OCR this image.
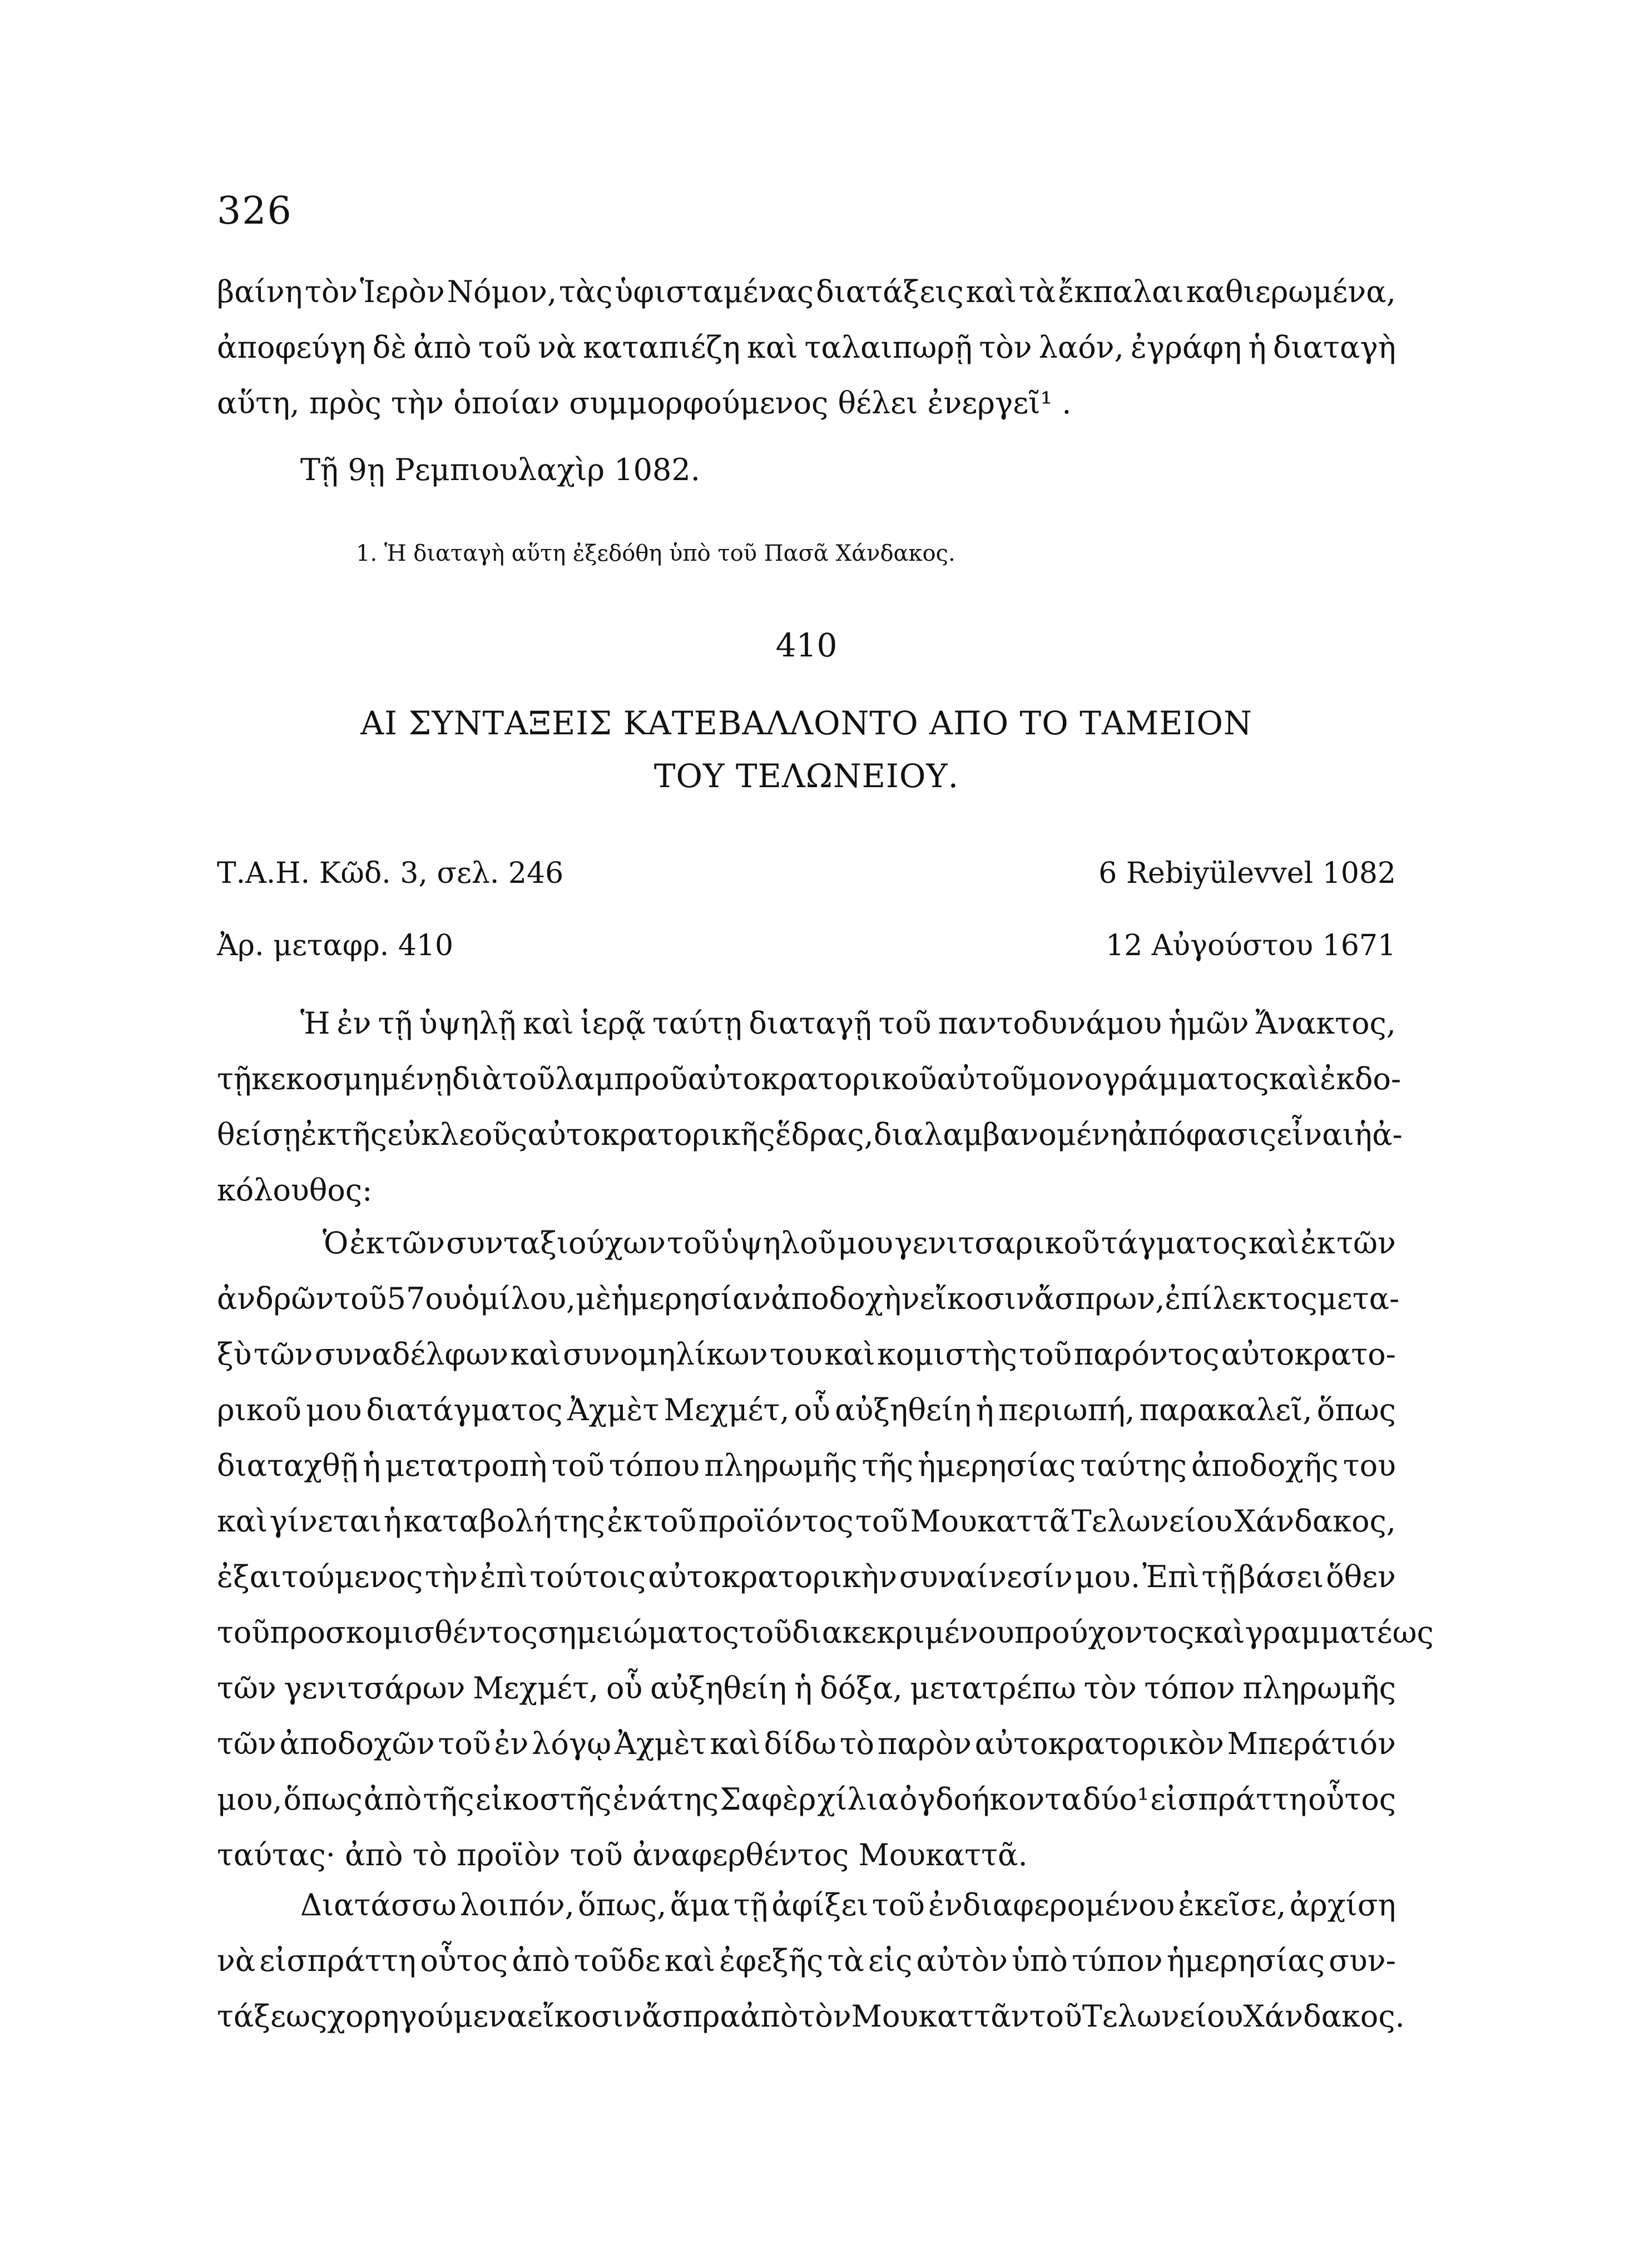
326
βαίνη τὸν Ἱερὸν Νόμον, τὰς ὑφισταμένας διατάξεις καὶ τὰ ἔκπαλαι καθιερωμένα,
ἀποφεύγη δὲ ἀπὸ τοῦ νὰ καταπιέζη καὶ ταλαιπωρῇ τὸν λαόν, ἐγράφη ἡ διαταγὴ
αὕτη, πρὸς τὴν ὁποίαν συμμορφούμενος θέλει ἐνεργεῖ¹ .
Τῇ 9ῃ Ρεμπιουλαχὶρ 1082.
1. Ἡ διαταγὴ αὕτη ἐξεδόθη ὑπὸ τοῦ Πασᾶ Χάνδακος.
410
ΑΙ ΣΥΝΤΑΞΕΙΣ ΚΑΤΕΒΑΛΛΟΝΤΟ ΑΠΟ ΤΟ ΤΑΜΕΙΟΝ
ΤΟΥ ΤΕΛΩΝΕΙΟΥ.
Τ.Α.Η. Κῶδ. 3, σελ. 246	6 Rebiyülevvel 1082
Ἀρ. μεταφρ. 410	12 Αὐγούστου 1671
Ἡ ἐν τῇ ὑψηλῇ καὶ ἱερᾷ ταύτῃ διαταγῇ τοῦ παντοδυνάμου ἡμῶν Ἄνακτος,
τῇ κεκοσμημένῃ διὰ τοῦ λαμπροῦ αὐτοκρατορικοῦ αὐτοῦ μονογράμματος καὶ ἐκδο-
θείσῃ ἐκ τῆς εὐκλεοῦς αὐτοκρατορικῆς ἕδρας, διαλαμβανομένη ἀπόφασις εἶναι ἡ ἀ-
κόλουθος:
Ὁ ἐκ τῶν συνταξιούχων τοῦ ὑψηλοῦ μου γενιτσαρικοῦ τάγματος καὶ ἐκ τῶν
ἀνδρῶν τοῦ 57ου ὁμίλου, μὲ ἡμερησίαν ἀποδοχὴν εἴκοσιν ἄσπρων, ἐπίλεκτος μετα-
ξὺ τῶν συναδέλφων καὶ συνομηλίκων του καὶ κομιστὴς τοῦ παρόντος αὐτοκρατο-
ρικοῦ μου διατάγματος Ἀχμὲτ Μεχμέτ, οὗ αὐξηθείη ἡ περιωπή, παρακαλεῖ, ὅπως
διαταχθῇ ἡ μετατροπὴ τοῦ τόπου πληρωμῆς τῆς ἡμερησίας ταύτης ἀποδοχῆς του
καὶ γίνεται ἡ καταβολή της ἐκ τοῦ προϊόντος τοῦ Μουκαττᾶ Τελωνείου Χάνδακος,
ἐξαιτούμενος τὴν ἐπὶ τούτοις αὐτοκρατορικὴν συναίνεσίν μου. Ἐπὶ τῇ βάσει ὅθεν
τοῦ προσκομισθέντος σημειώματος τοῦ διακεκριμένου προύχοντος καὶ γραμματέως
τῶν γενιτσάρων Μεχμέτ, οὗ αὐξηθείη ἡ δόξα, μετατρέπω τὸν τόπον πληρωμῆς
τῶν ἀποδοχῶν τοῦ ἐν λόγῳ Ἀχμὲτ καὶ δίδω τὸ παρὸν αὐτοκρατορικὸν Μπεράτιόν
μου, ὅπως ἀπὸ τῆς εἰκοστῆς ἐνάτης Σαφὲρ χίλια ὀγδοήκοντα δύο¹ εἰσπράττη οὗτος
ταύτας· ἀπὸ τὸ προϊὸν τοῦ ἀναφερθέντος Μουκαττᾶ.
Διατάσσω λοιπόν, ὅπως, ἅμα τῇ ἀφίξει τοῦ ἐνδιαφερομένου ἐκεῖσε, ἀρχίση
νὰ εἰσπράττη οὗτος ἀπὸ τοῦδε καὶ ἐφεξῆς τὰ εἰς αὐτὸν ὑπὸ τύπον ἡμερησίας συν-
τάξεως χορηγούμενα εἴκοσιν ἄσπρα ἀπὸ τὸν Μουκαττᾶν τοῦ Τελωνείου Χάνδακος.
